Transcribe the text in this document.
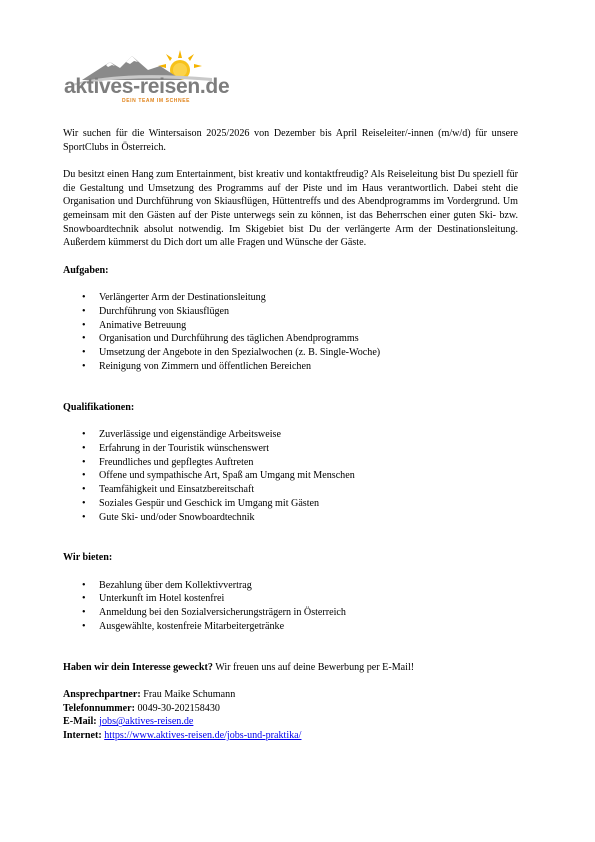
aktives-reisen.de
DEIN TEAM IM SCHNEE

Wir suchen für die Wintersaison 2025/2026 von Dezember bis April Reiseleiter/-innen (m/w/d) für unsere SportClubs in Österreich.

Du besitzt einen Hang zum Entertainment, bist kreativ und kontaktfreudig? Als Reiseleitung bist Du speziell für die Gestaltung und Umsetzung des Programms auf der Piste und im Haus verantwortlich. Dabei steht die Organisation und Durchführung von Skiausflügen, Hüttentreffs und des Abendprogramms im Vordergrund. Um gemeinsam mit den Gästen auf der Piste unterwegs sein zu können, ist das Beherrschen einer guten Ski- bzw. Snowboardtechnik absolut notwendig. Im Skigebiet bist Du der verlängerte Arm der Destinationsleitung. Außerdem kümmerst du Dich dort um alle Fragen und Wünsche der Gäste.

Aufgaben:

• Verlängerter Arm der Destinationsleitung
• Durchführung von Skiausflügen
• Animative Betreuung
• Organisation und Durchführung des täglichen Abendprogramms
• Umsetzung der Angebote in den Spezialwochen (z. B. Single-Woche)
• Reinigung von Zimmern und öffentlichen Bereichen

Qualifikationen:

• Zuverlässige und eigenständige Arbeitsweise
• Erfahrung in der Touristik wünschenswert
• Freundliches und gepflegtes Auftreten
• Offene und sympathische Art, Spaß am Umgang mit Menschen
• Teamfähigkeit und Einsatzbereitschaft
• Soziales Gespür und Geschick im Umgang mit Gästen
• Gute Ski- und/oder Snowboardtechnik

Wir bieten:

• Bezahlung über dem Kollektivvertrag
• Unterkunft im Hotel kostenfrei
• Anmeldung bei den Sozialversicherungsträgern in Österreich
• Ausgewählte, kostenfreie Mitarbeitergetränke

Haben wir dein Interesse geweckt? Wir freuen uns auf deine Bewerbung per E-Mail!

Ansprechpartner: Frau Maike Schumann

Telefonnummer: 0049-30-202158430

E-Mail: jobs@aktives-reisen.de

Internet: https://www.aktives-reisen.de/jobs-und-praktika/
